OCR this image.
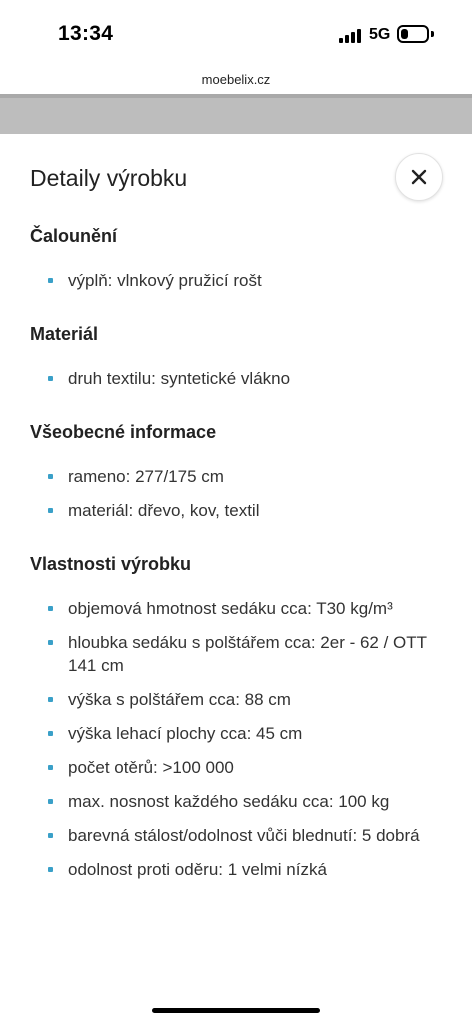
13:34	5G
moebelix.cz
Detaily výrobku
Čalounění
výplň: vlnkový pružicí rošt
Materiál
druh textilu: syntetické vlákno
Všeobecné informace
rameno: 277/175 cm
materiál: dřevo, kov, textil
Vlastnosti výrobku
objemová hmotnost sedáku cca: T30 kg/m³
hloubka sedáku s polštářem cca: 2er - 62 / OTT 141 cm
výška s polštářem cca: 88 cm
výška lehací plochy cca: 45 cm
počet otěrů: >100 000
max. nosnost každého sedáku cca: 100 kg
barevná stálost/odolnost vůči blednutí: 5 dobrá
odolnost proti oděru: 1 velmi nízká
